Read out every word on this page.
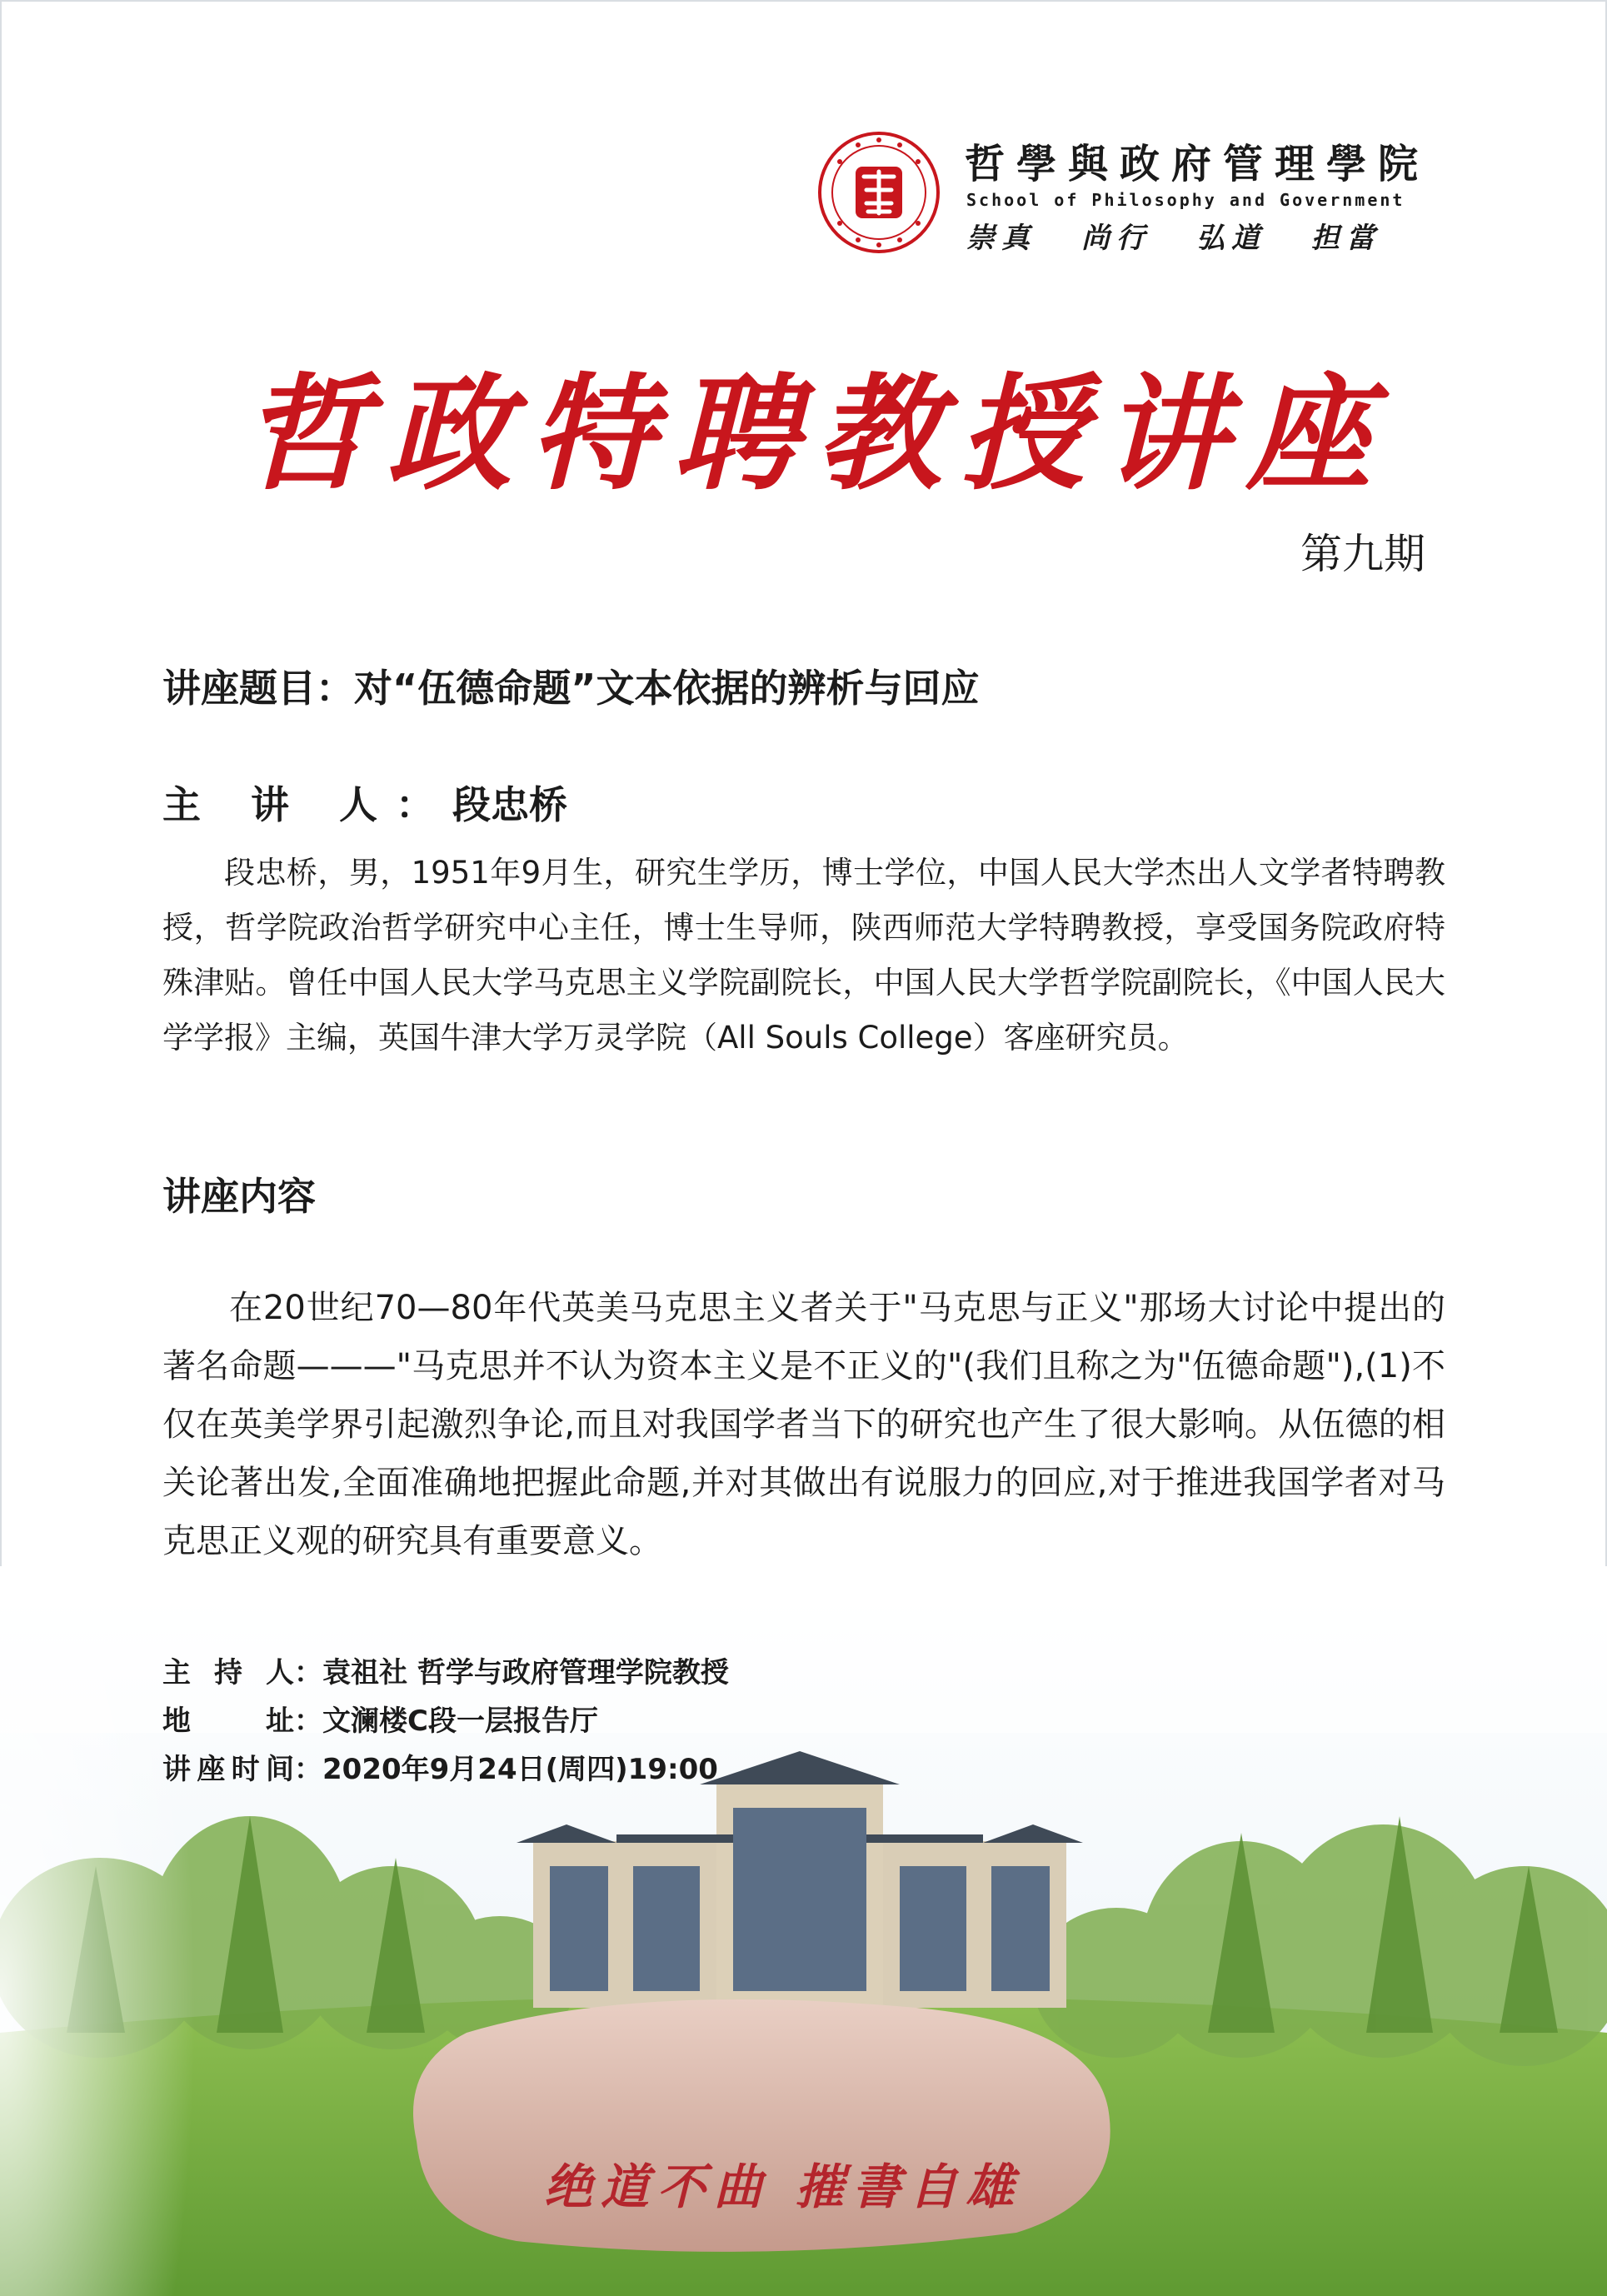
绝道不曲 摧書自雄
哲學與政府管理學院
School of Philosophy and Government
崇真 尚行 弘道 担當
哲政特聘教授讲座
第九期
讲座题目：对“伍德命题”文本依据的辨析与回应
主 讲 人：段忠桥
段忠桥，男，1951年9月生，研究生学历，博士学位，中国人民大学杰出人文学者特聘教授，哲学院政治哲学研究中心主任，博士生导师，陕西师范大学特聘教授，享受国务院政府特殊津贴。曾任中国人民大学马克思主义学院副院长，中国人民大学哲学院副院长，《中国人民大学学报》主编，英国牛津大学万灵学院（All Souls College）客座研究员。
讲座内容
在20世纪70—80年代英美马克思主义者关于"马克思与正义"那场大讨论中提出的著名命题———"马克思并不认为资本主义是不正义的"(我们且称之为"伍德命题"),(1)不仅在英美学界引起激烈争论,而且对我国学者当下的研究也产生了很大影响。从伍德的相关论著出发,全面准确地把握此命题,并对其做出有说服力的回应,对于推进我国学者对马克思正义观的研究具有重要意义。
主 持 人：袁祖社 哲学与政府管理学院教授
地 址：文澜楼C段一层报告厅
讲座时间：2020年9月24日(周四)19:00
